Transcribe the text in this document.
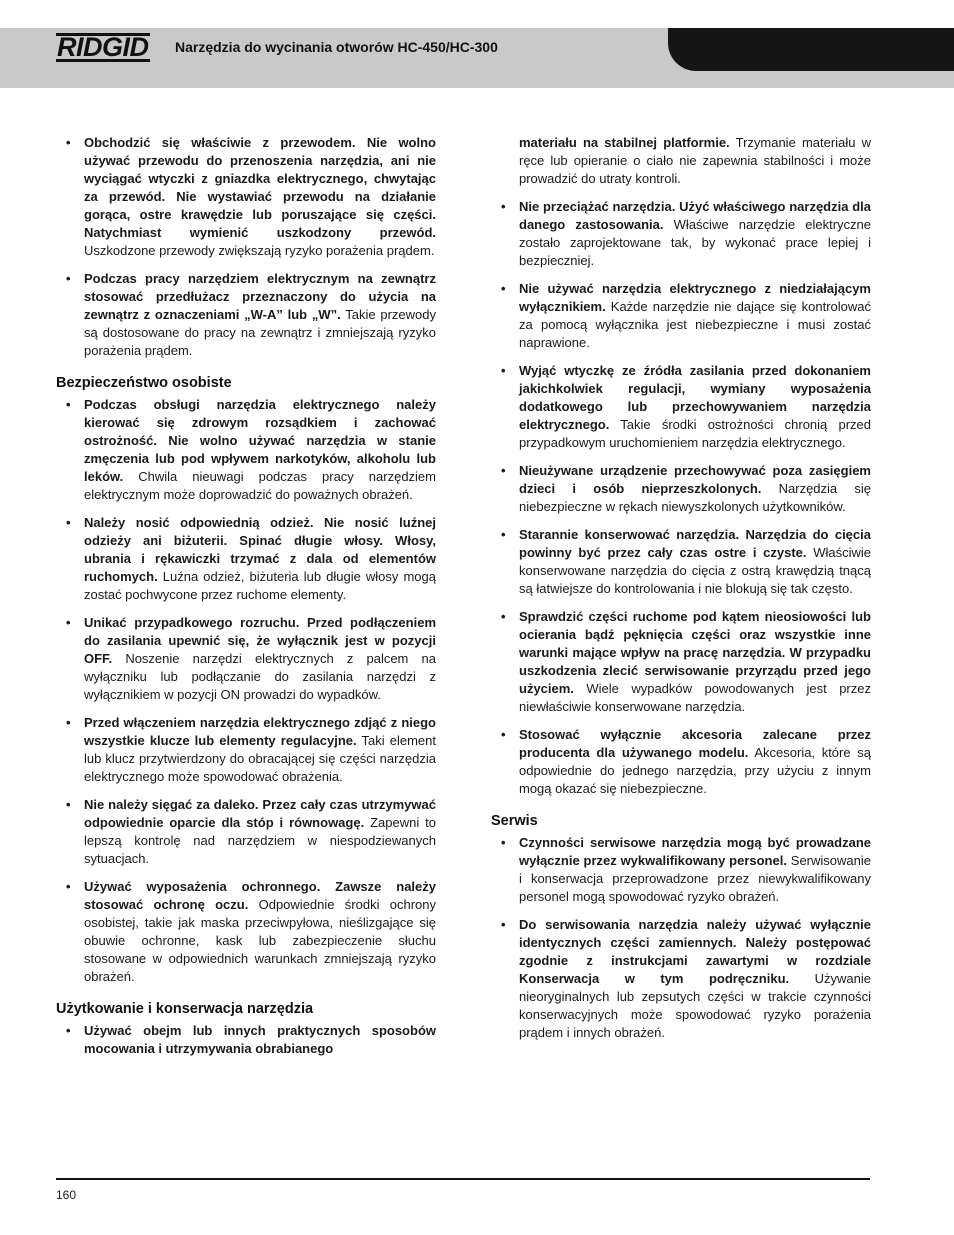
RIDGID Narzędzia do wycinania otworów HC-450/HC-300
• Obchodzić się właściwie z przewodem. Nie wolno używać przewodu do przenoszenia narzędzia, ani nie wyciągać wtyczki z gniazdka elektrycznego, chwytając za przewód. Nie wystawiać przewodu na działanie gorąca, ostre krawędzie lub poruszające się części. Natychmiast wymienić uszkodzony przewód. Uszkodzone przewody zwiększają ryzyko porażenia prądem.
• Podczas pracy narzędziem elektrycznym na zewnątrz stosować przedłużacz przeznaczony do użycia na zewnątrz z oznaczeniami „W-A” lub „W”. Takie przewody są dostosowane do pracy na zewnątrz i zmniejszają ryzyko porażenia prądem.
Bezpieczeństwo osobiste
• Podczas obsługi narzędzia elektrycznego należy kierować się zdrowym rozsądkiem i zachować ostrożność. Nie wolno używać narzędzia w stanie zmęczenia lub pod wpływem narkotyków, alkoholu lub leków. Chwila nieuwagi podczas pracy narzędziem elektrycznym może doprowadzić do poważnych obrażeń.
• Należy nosić odpowiednią odzież. Nie nosić luźnej odzieży ani biżuterii. Spinać długie włosy. Włosy, ubrania i rękawiczki trzymać z dala od elementów ruchomych. Luźna odzież, biżuteria lub długie włosy mogą zostać pochwycone przez ruchome elementy.
• Unikać przypadkowego rozruchu. Przed podłączeniem do zasilania upewnić się, że wyłącznik jest w pozycji OFF. Noszenie narzędzi elektrycznych z palcem na wyłączniku lub podłączanie do zasilania narzędzi z wyłącznikiem w pozycji ON prowadzi do wypadków.
• Przed włączeniem narzędzia elektrycznego zdjąć z niego wszystkie klucze lub elementy regulacyjne. Taki element lub klucz przytwierdzony do obracającej się części narzędzia elektrycznego może spowodować obrażenia.
• Nie należy sięgać za daleko. Przez cały czas utrzymywać odpowiednie oparcie dla stóp i równowagę. Zapewni to lepszą kontrolę nad narzędziem w niespodziewanych sytuacjach.
• Używać wyposażenia ochronnego. Zawsze należy stosować ochronę oczu. Odpowiednie środki ochrony osobistej, takie jak maska przeciwpyłowa, nieślizgające się obuwie ochronne, kask lub zabezpieczenie słuchu stosowane w odpowiednich warunkach zmniejszają ryzyko obrażeń.
Użytkowanie i konserwacja narzędzia
• Używać obejm lub innych praktycznych sposobów mocowania i utrzymywania obrabianego
materiału na stabilnej platformie. Trzymanie materiału w ręce lub opieranie o ciało nie zapewnia stabilności i może prowadzić do utraty kontroli.
• Nie przeciążać narzędzia. Użyć właściwego narzędzia dla danego zastosowania. Właściwe narzędzie elektryczne zostało zaprojektowane tak, by wykonać prace lepiej i bezpieczniej.
• Nie używać narzędzia elektrycznego z niedziałającym wyłącznikiem. Każde narzędzie nie dające się kontrolować za pomocą wyłącznika jest niebezpieczne i musi zostać naprawione.
• Wyjąć wtyczkę ze źródła zasilania przed dokonaniem jakichkolwiek regulacji, wymiany wyposażenia dodatkowego lub przechowywaniem narzędzia elektrycznego. Takie środki ostrożności chronią przed przypadkowym uruchomieniem narzędzia elektrycznego.
• Nieużywane urządzenie przechowywać poza zasięgiem dzieci i osób nieprzeszkolonych. Narzędzia się niebezpieczne w rękach niewyszkolonych użytkowników.
• Starannie konserwować narzędzia. Narzędzia do cięcia powinny być przez cały czas ostre i czyste. Właściwie konserwowane narzędzia do cięcia z ostrą krawędzią tnącą są łatwiejsze do kontrolowania i nie blokują się tak często.
• Sprawdzić części ruchome pod kątem nieosiowości lub ocierania bądź pęknięcia części oraz wszystkie inne warunki mające wpływ na pracę narzędzia. W przypadku uszkodzenia zlecić serwisowanie przyrządu przed jego użyciem. Wiele wypadków powodowanych jest przez niewłaściwie konserwowane narzędzia.
• Stosować wyłącznie akcesoria zalecane przez producenta dla używanego modelu. Akcesoria, które są odpowiednie do jednego narzędzia, przy użyciu z innym mogą okazać się niebezpieczne.
Serwis
• Czynności serwisowe narzędzia mogą być prowadzane wyłącznie przez wykwalifikowany personel. Serwisowanie i konserwacja przeprowadzone przez niewykwalifikowany personel mogą spowodować ryzyko obrażeń.
• Do serwisowania narzędzia należy używać wyłącznie identycznych części zamiennych. Należy postępować zgodnie z instrukcjami zawartymi w rozdziale Konserwacja w tym podręczniku. Używanie nieoryginalnych lub zepsutych części w trakcie czynności konserwacyjnych może spowodować ryzyko porażenia prądem i innych obrażeń.
160
